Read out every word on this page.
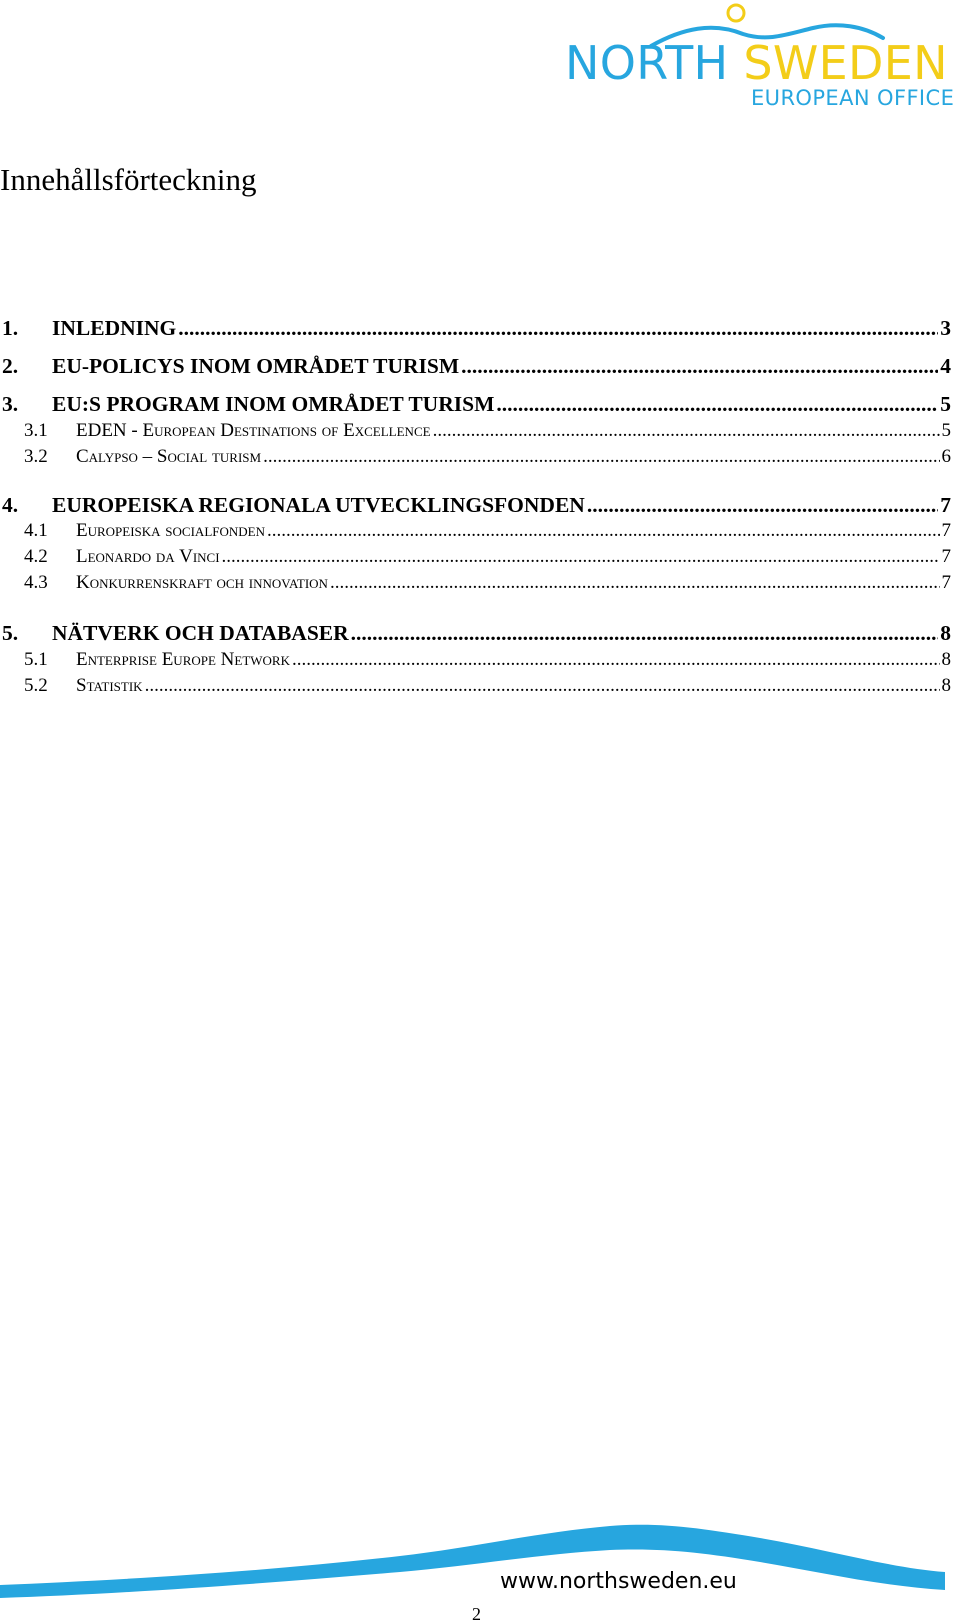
NORTH SWEDEN
EUROPEAN OFFICE
Innehållsförteckning
1.	INLEDNING .....	3
2.	EU-POLICYS INOM OMRÅDET TURISM .....	4
3.	EU:S PROGRAM INOM OMRÅDET TURISM .....	5
3.1	EDEN - European Destinations of Excellence .....	5
3.2	Calypso – Social turism .....	6
4.	EUROPEISKA REGIONALA UTVECKLINGSFONDEN .....	7
4.1	Europeiska socialfonden .....	7
4.2	Leonardo da Vinci .....	7
4.3	Konkurrenskraft och innovation .....	7
5.	NÄTVERK OCH DATABASER .....	8
5.1	Enterprise Europe Network .....	8
5.2	Statistik .....	8
www.northsweden.eu
2
